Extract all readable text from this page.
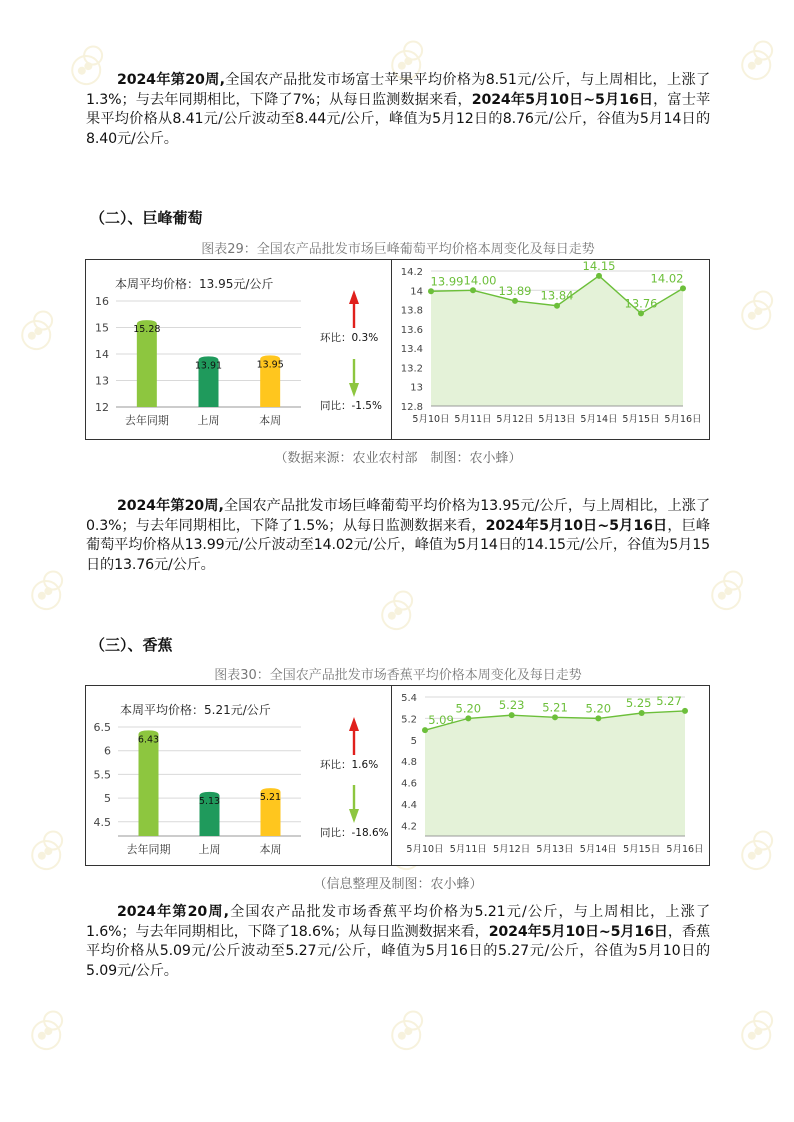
2024年第20周,全国农产品批发市场富士苹果平均价格为8.51元/公斤，与上周相比，上涨了1.3%；与去年同期相比，下降了7%；从每日监测数据来看，2024年5月10日~5月16日，富士苹果平均价格从8.41元/公斤波动至8.44元/公斤，峰值为5月12日的8.76元/公斤，谷值为5月14日的8.40元/公斤。
（二）、巨峰葡萄
图表29：全国农产品批发市场巨峰葡萄平均价格本周变化及每日走势
本周平均价格：13.95元/公斤
12
13
14
15
16
15.28
去年同期
13.91
上周
13.95
本周
环比：0.3%
同比：-1.5% 12.8
13
13.2
13.4
13.6
13.8
14
14.2
13.99
5月10日
14.00
5月11日
13.89
5月12日
13.84
5月13日
14.15
5月14日
13.76
5月15日
14.02
5月16日
（数据来源：农业农村部　制图：农小蜂）
2024年第20周,全国农产品批发市场巨峰葡萄平均价格为13.95元/公斤，与上周相比，上涨了0.3%；与去年同期相比，下降了1.5%；从每日监测数据来看，2024年5月10日~5月16日，巨峰葡萄平均价格从13.99元/公斤波动至14.02元/公斤，峰值为5月14日的14.15元/公斤，谷值为5月15日的13.76元/公斤。
（三）、香蕉
图表30：全国农产品批发市场香蕉平均价格本周变化及每日走势
本周平均价格：5.21元/公斤
4.5
5
5.5
6
6.5
6.43
去年同期
5.13
上周
5.21
本周
环比：1.6%
同比：-18.6%
4.2
4.4
4.6
4.8
5
5.2
5.4
5.09
5月10日
5.20
5月11日
5.23
5月12日
5.21
5月13日
5.20
5月14日
5.25
5月15日
5.27
5月16日
（信息整理及制图：农小蜂）
2024年第20周,全国农产品批发市场香蕉平均价格为5.21元/公斤，与上周相比，上涨了1.6%；与去年同期相比，下降了18.6%；从每日监测数据来看，2024年5月10日~5月16日，香蕉平均价格从5.09元/公斤波动至5.27元/公斤，峰值为5月16日的5.27元/公斤，谷值为5月10日的5.09元/公斤。
